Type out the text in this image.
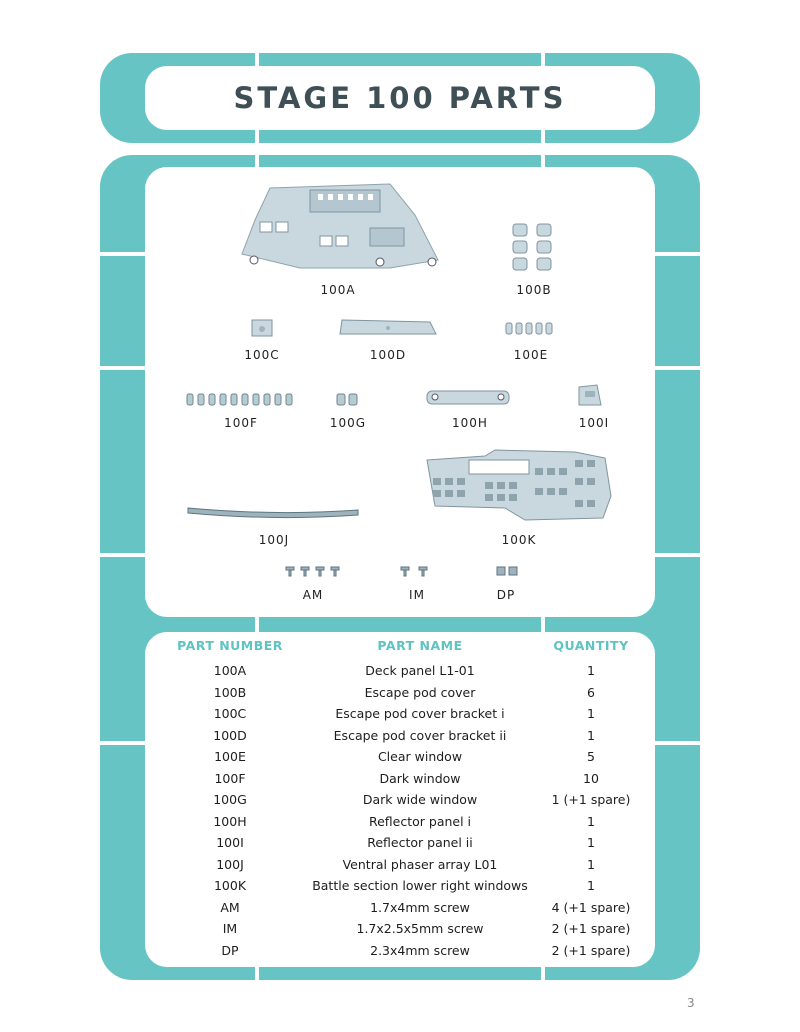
STAGE 100 PARTS
100A	100B
100C	100D	100E
100F	100G	100H	100I
100J	100K
AM	IM	DP
PART NUMBER	PART NAME	QUANTITY
100A	Deck panel L1-01	1
100B	Escape pod cover	6
100C	Escape pod cover bracket i	1
100D	Escape pod cover bracket ii	1
100E	Clear window	5
100F	Dark window	10
100G	Dark wide window	1 (+1 spare)
100H	Reflector panel i	1
100I	Reflector panel ii	1
100J	Ventral phaser array L01	1
100K	Battle section lower right windows	1
AM	1.7x4mm screw	4 (+1 spare)
IM	1.7x2.5x5mm screw	2 (+1 spare)
DP	2.3x4mm screw	2 (+1 spare)
3
